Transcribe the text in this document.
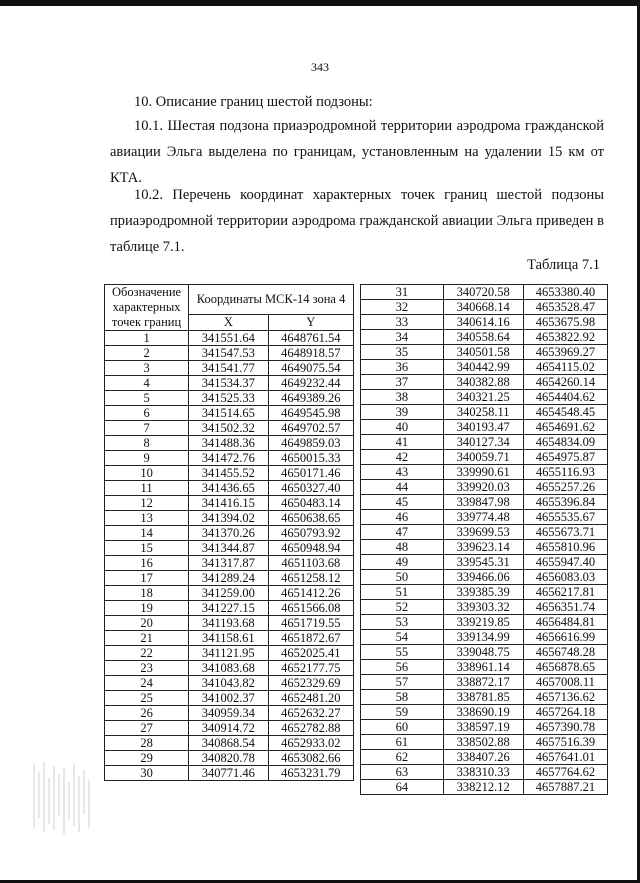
343
10. Описание границ шестой подзоны:
10.1. Шестая подзона приаэродромной территории аэродрома гражданской авиации Эльга выделена по границам, установленным на удалении 15 км от КТА.
10.2. Перечень координат характерных точек границ шестой подзоны приаэродромной территории аэродрома гражданской авиации Эльга приведен в таблице 7.1.
Таблица 7.1
Обозначение характерных точек границ	Координаты МСК-14 зона 4	
	X	Y
1	341551.64	4648761.54
2	341547.53	4648918.57
3	341541.77	4649075.54
4	341534.37	4649232.44
5	341525.33	4649389.26
6	341514.65	4649545.98
7	341502.32	4649702.57
8	341488.36	4649859.03
9	341472.76	4650015.33
10	341455.52	4650171.46
11	341436.65	4650327.40
12	341416.15	4650483.14
13	341394.02	4650638.65
14	341370.26	4650793.92
15	341344.87	4650948.94
16	341317.87	4651103.68
17	341289.24	4651258.12
18	341259.00	4651412.26
19	341227.15	4651566.08
20	341193.68	4651719.55
21	341158.61	4651872.67
22	341121.95	4652025.41
23	341083.68	4652177.75
24	341043.82	4652329.69
25	341002.37	4652481.20
26	340959.34	4652632.27
27	340914.72	4652782.88
28	340868.54	4652933.02
29	340820.78	4653082.66
30	340771.46	4653231.79
31	340720.58	4653380.40
32	340668.14	4653528.47
33	340614.16	4653675.98
34	340558.64	4653822.92
35	340501.58	4653969.27
36	340442.99	4654115.02
37	340382.88	4654260.14
38	340321.25	4654404.62
39	340258.11	4654548.45
40	340193.47	4654691.62
41	340127.34	4654834.09
42	340059.71	4654975.87
43	339990.61	4655116.93
44	339920.03	4655257.26
45	339847.98	4655396.84
46	339774.48	4655535.67
47	339699.53	4655673.71
48	339623.14	4655810.96
49	339545.31	4655947.40
50	339466.06	4656083.03
51	339385.39	4656217.81
52	339303.32	4656351.74
53	339219.85	4656484.81
54	339134.99	4656616.99
55	339048.75	4656748.28
56	338961.14	4656878.65
57	338872.17	4657008.11
58	338781.85	4657136.62
59	338690.19	4657264.18
60	338597.19	4657390.78
61	338502.88	4657516.39
62	338407.26	4657641.01
63	338310.33	4657764.62
64	338212.12	4657887.21
